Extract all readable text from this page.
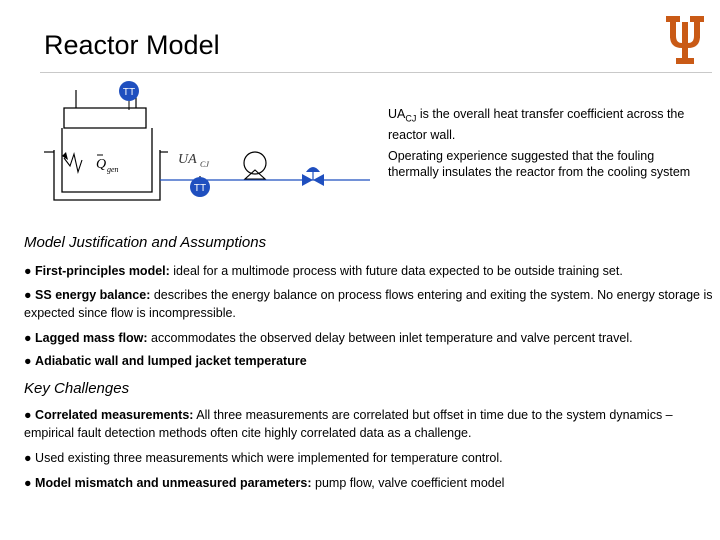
Reactor Model
Q gen
UA CJ
TT
TT
$UA_{CJ}$ is the overall heat transfer coefficient across the reactor wall.
Operating experience suggested that the fouling thermally insulates the reactor from the cooling system
Model Justification and Assumptions
● First-principles model: ideal for a multimode process with future data expected to be outside training set.
● SS energy balance: describes the energy balance on process flows entering and exiting the system. No energy storage is expected since flow is incompressible.
● Lagged mass flow: accommodates the observed delay between inlet temperature and valve percent travel.
● Adiabatic wall and lumped jacket temperature
Key Challenges
● Correlated measurements: All three measurements are correlated but offset in time due to the system dynamics – empirical fault detection methods often cite highly correlated data as a challenge.
● Used existing three measurements which were implemented for temperature control.
● Model mismatch and unmeasured parameters: pump flow, valve coefficient model
